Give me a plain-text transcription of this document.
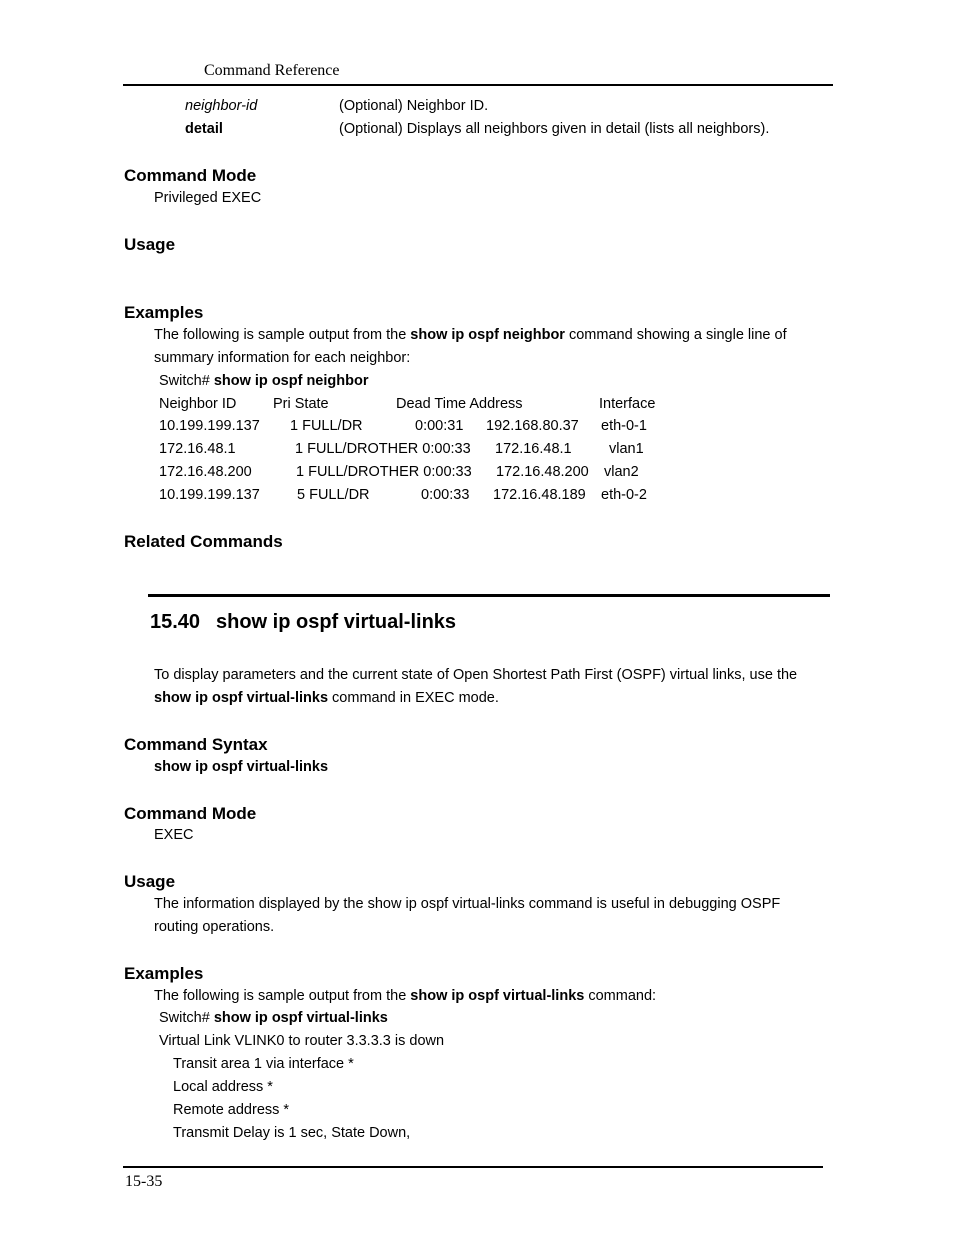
Command Reference
neighbor-id	(Optional) Neighbor ID.
detail	(Optional) Displays all neighbors given in detail (lists all neighbors).
Command Mode
Privileged EXEC
Usage
Examples
The following is sample output from the show ip ospf neighbor command showing a single line of
summary information for each neighbor:
Switch# show ip ospf neighbor
Neighbor ID	Pri State	Dead Time Address	Interface
10.199.199.137 1 FULL/DR	0:00:31 192.168.80.37 eth-0-1
172.16.48.1	1 FULL/DROTHER 0:00:33 172.16.48.1	vlan1
172.16.48.200	1 FULL/DROTHER 0:00:33 172.16.48.200 vlan2
10.199.199.137	5 FULL/DR	0:00:33 172.16.48.189 eth-0-2
Related Commands
15.40 show ip ospf virtual-links
To display parameters and the current state of Open Shortest Path First (OSPF) virtual links, use the
show ip ospf virtual-links command in EXEC mode.
Command Syntax
show ip ospf virtual-links
Command Mode
EXEC
Usage
The information displayed by the show ip ospf virtual-links command is useful in debugging OSPF
routing operations.
Examples
The following is sample output from the show ip ospf virtual-links command:
Switch# show ip ospf virtual-links
Virtual Link VLINK0 to router 3.3.3.3 is down
Transit area 1 via interface *
Local address *
Remote address *
Transmit Delay is 1 sec, State Down,
15-35
